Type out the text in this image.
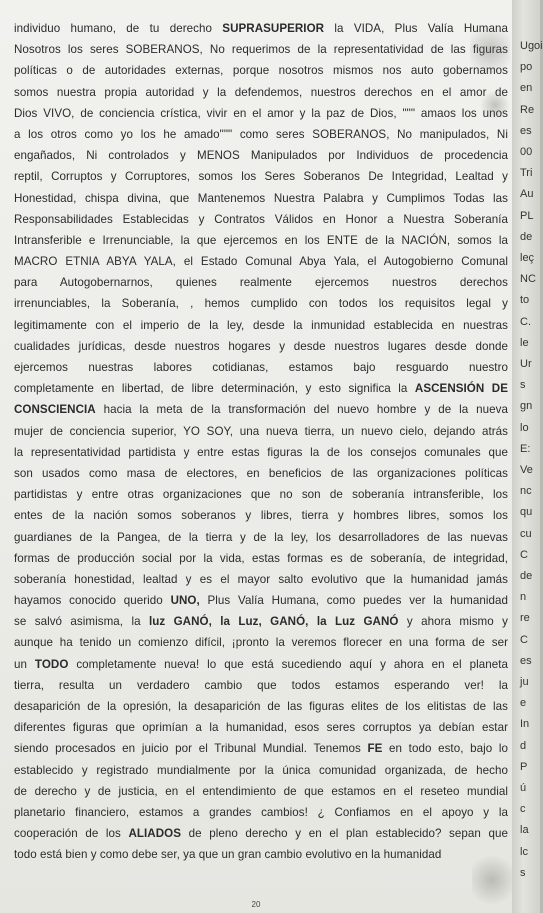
individuo humano, de tu derecho SUPRASUPERIOR la VIDA, Plus Valía Humana
Nosotros los seres SOBERANOS, No requerimos de la representatividad de las figuras
políticas o de autoridades externas, porque nosotros mismos nos auto gobernamos
somos nuestra propia autoridad y la defendemos, nuestros derechos en el amor de
Dios VIVO, de conciencia crística, vivir en el amor y la paz de Dios, """ amaos los unos
a los otros como yo los he amado""" como seres SOBERANOS, No manipulados, Ni
engañados, Ni controlados y MENOS Manipulados por Individuos de procedencia
reptil, Corruptos y Corruptores, somos los Seres Soberanos De Integridad, Lealtad y
Honestidad, chispa divina, que Mantenemos Nuestra Palabra y Cumplimos Todas las
Responsabilidades Establecidas y Contratos Válidos en Honor a Nuestra Soberanía
Intransferible e Irrenunciable, la que ejercemos en los ENTE de la NACIÓN, somos la
MACRO ETNIA ABYA YALA, el Estado Comunal Abya Yala, el Autogobierno Comunal
para Autogobernarnos, quienes realmente ejercemos nuestros derechos
irrenunciables, la Soberanía, , hemos cumplido con todos los requisitos legal y
legitimamente con el imperio de la ley, desde la inmunidad establecida en nuestras
cualidades jurídicas, desde nuestros hogares y desde nuestros lugares desde donde
ejercemos nuestras labores cotidianas, estamos bajo resguardo nuestro
completamente en libertad, de libre determinación, y esto significa la ASCENSIÓN DE
CONSCIENCIA hacia la meta de la transformación del nuevo hombre y de la nueva
mujer de conciencia superior, YO SOY, una nueva tierra, un nuevo cielo, dejando atrás
la representatividad partidista y entre estas figuras la de los consejos comunales que
son usados como masa de electores, en beneficios de las organizaciones políticas
partidistas y entre otras organizaciones que no son de soberanía intransferible, los
entes de la nación somos soberanos y libres, tierra y hombres libres, somos los
guardianes de la Pangea, de la tierra y de la ley, los desarrolladores de las nuevas
formas de producción social por la vida, estas formas es de soberanía, de integridad,
soberanía honestidad, lealtad y es el mayor salto evolutivo que la humanidad jamás
hayamos conocido querido UNO, Plus Valía Humana, como puedes ver la humanidad
se salvó asimisma, la luz GANÓ, la Luz, GANÓ, la Luz GANÓ y ahora mismo y
aunque ha tenido un comienzo difícil, ¡pronto la veremos florecer en una forma de ser
un TODO completamente nueva! lo que está sucediendo aquí y ahora en el planeta
tierra, resulta un verdadero cambio que todos estamos esperando ver! la
desaparición de la opresión, la desaparición de las figuras elites de los elitistas de las
diferentes figuras que oprimían a la humanidad, esos seres corruptos ya debían estar
siendo procesados en juicio por el Tribunal Mundial. Tenemos FE en todo esto, bajo lo
establecido y registrado mundialmente por la única comunidad organizada, de hecho
de derecho y de justicia, en el entendimiento de que estamos en el reseteo mundial
planetario financiero, estamos a grandes cambios! ¿ Confiamos en el apoyo y la
cooperación de los ALIADOS de pleno derecho y en el plan establecido? sepan que
todo está bien y como debe ser, ya que un gran cambio evolutivo en la humanidad
20
Ugoi
po
en
Re
es
00
Tri
Au
PL
de
leç
NC
to
C.
le
Ur
s
gn
lo
E:
Ve
nc
qu
cu
C
de
n
re
C
es
ju
e
In
d
P
ú
c
la
lc
s
